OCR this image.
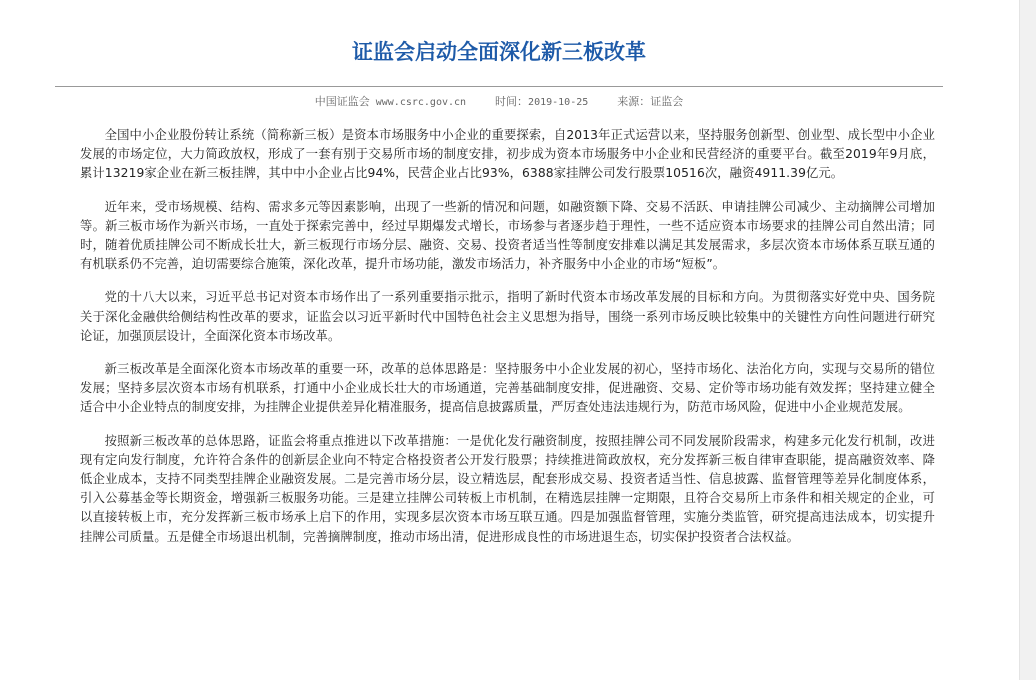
证监会启动全面深化新三板改革
中国证监会 www.csrc.gov.cn	时间：2019-10-25	来源：证监会

全国中小企业股份转让系统（简称新三板）是资本市场服务中小企业的重要探索，自2013年正式运营以来，坚持服务创新型、创业型、成长型中小企业发展的市场定位，大力简政放权，形成了一套有别于交易所市场的制度安排，初步成为资本市场服务中小企业和民营经济的重要平台。截至2019年9月底，累计13219家企业在新三板挂牌，其中中小企业占比94%，民营企业占比93%，6388家挂牌公司发行股票10516次，融资4911.39亿元。

近年来，受市场规模、结构、需求多元等因素影响，出现了一些新的情况和问题，如融资额下降、交易不活跃、申请挂牌公司减少、主动摘牌公司增加等。新三板市场作为新兴市场，一直处于探索完善中，经过早期爆发式增长，市场参与者逐步趋于理性，一些不适应资本市场要求的挂牌公司自然出清；同时，随着优质挂牌公司不断成长壮大，新三板现行市场分层、融资、交易、投资者适当性等制度安排难以满足其发展需求，多层次资本市场体系互联互通的有机联系仍不完善，迫切需要综合施策，深化改革，提升市场功能，激发市场活力，补齐服务中小企业的市场“短板”。

党的十八大以来，习近平总书记对资本市场作出了一系列重要指示批示，指明了新时代资本市场改革发展的目标和方向。为贯彻落实好党中央、国务院关于深化金融供给侧结构性改革的要求，证监会以习近平新时代中国特色社会主义思想为指导，围绕一系列市场反映比较集中的关键性方向性问题进行研究论证，加强顶层设计，全面深化资本市场改革。

新三板改革是全面深化资本市场改革的重要一环，改革的总体思路是：坚持服务中小企业发展的初心，坚持市场化、法治化方向，实现与交易所的错位发展；坚持多层次资本市场有机联系，打通中小企业成长壮大的市场通道，完善基础制度安排，促进融资、交易、定价等市场功能有效发挥；坚持建立健全适合中小企业特点的制度安排，为挂牌企业提供差异化精准服务，提高信息披露质量，严厉查处违法违规行为，防范市场风险，促进中小企业规范发展。

按照新三板改革的总体思路，证监会将重点推进以下改革措施：一是优化发行融资制度，按照挂牌公司不同发展阶段需求，构建多元化发行机制，改进现有定向发行制度，允许符合条件的创新层企业向不特定合格投资者公开发行股票；持续推进简政放权，充分发挥新三板自律审查职能，提高融资效率、降低企业成本，支持不同类型挂牌企业融资发展。二是完善市场分层，设立精选层，配套形成交易、投资者适当性、信息披露、监督管理等差异化制度体系，引入公募基金等长期资金，增强新三板服务功能。三是建立挂牌公司转板上市机制，在精选层挂牌一定期限，且符合交易所上市条件和相关规定的企业，可以直接转板上市，充分发挥新三板市场承上启下的作用，实现多层次资本市场互联互通。四是加强监督管理，实施分类监管，研究提高违法成本，切实提升挂牌公司质量。五是健全市场退出机制，完善摘牌制度，推动市场出清，促进形成良性的市场进退生态，切实保护投资者合法权益。
